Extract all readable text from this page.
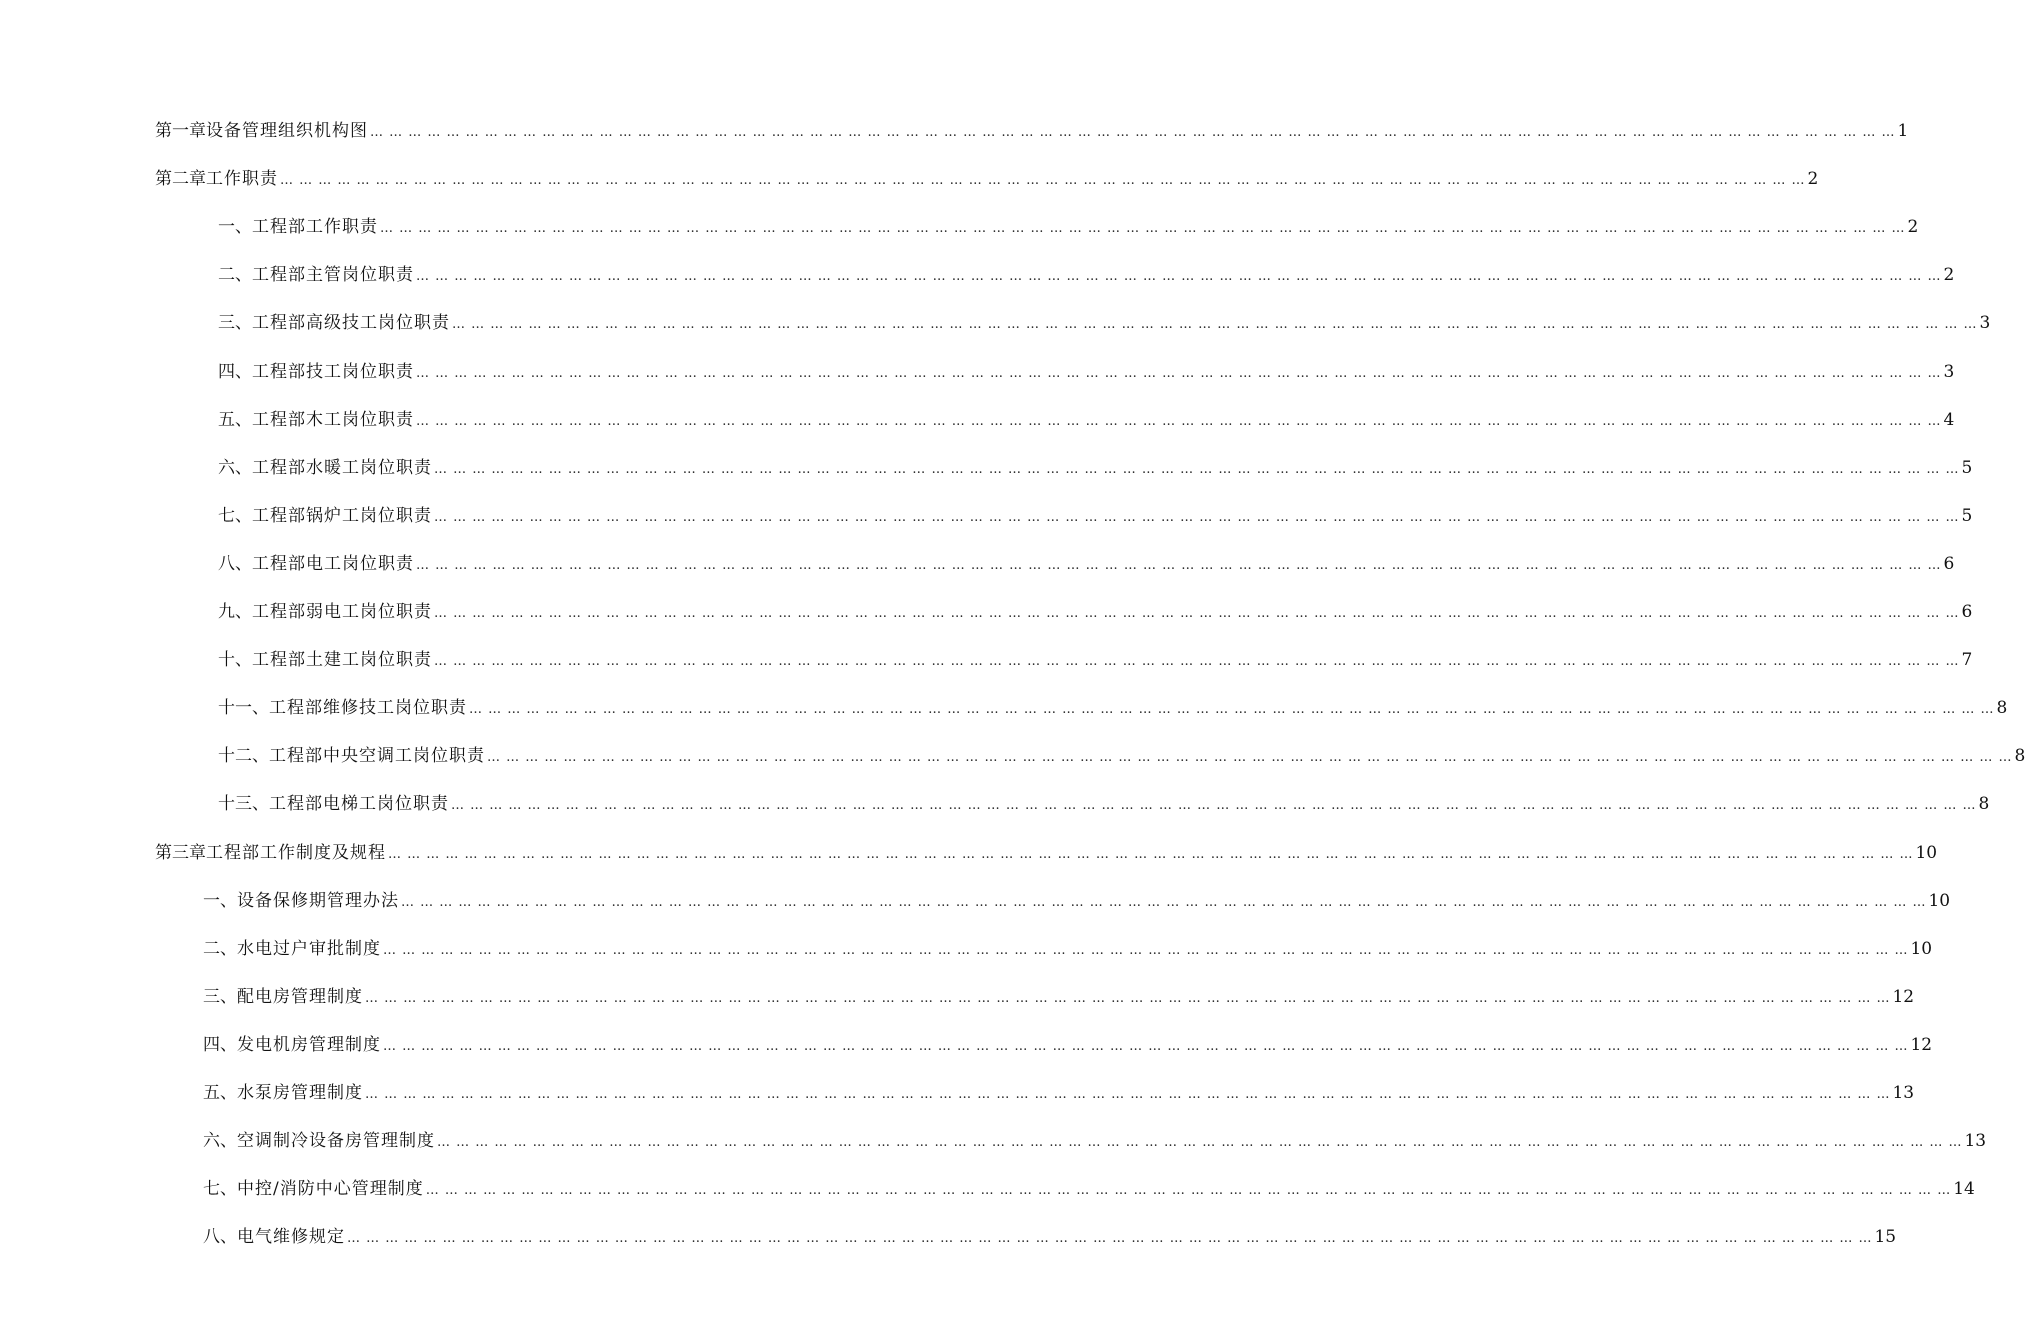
第一章 设备管理组织机构图 … … … … … … … … … … … … … … … … … … … … … … … … … … … … … … … … … … … … … … … … … … … … … … … … … … … … … … … … … … … … … … … … … … … … … … … … … … … … … … … … 1
第二章 工作职责 … … … … … … … … … … … … … … … … … … … … … … … … … … … … … … … … … … … … … … … … … … … … … … … … … … … … … … … … … … … … … … … … … … … … … … … … … … … … … … … … 2
一、 工程部工作职责 … … … … … … … … … … … … … … … … … … … … … … … … … … … … … … … … … … … … … … … … … … … … … … … … … … … … … … … … … … … … … … … … … … … … … … … … … … … … … … … … 2
二、 工程部主管岗位职责 … … … … … … … … … … … … … … … … … … … … … … … … … … … … … … … … … … … … … … … … … … … … … … … … … … … … … … … … … … … … … … … … … … … … … … … … … … … … … … … … 2
三、 工程部高级技工岗位职责 … … … … … … … … … … … … … … … … … … … … … … … … … … … … … … … … … … … … … … … … … … … … … … … … … … … … … … … … … … … … … … … … … … … … … … … … … … … … … … … … 3
四、 工程部技工岗位职责 … … … … … … … … … … … … … … … … … … … … … … … … … … … … … … … … … … … … … … … … … … … … … … … … … … … … … … … … … … … … … … … … … … … … … … … … … … … … … … … … 3
五、 工程部木工岗位职责 … … … … … … … … … … … … … … … … … … … … … … … … … … … … … … … … … … … … … … … … … … … … … … … … … … … … … … … … … … … … … … … … … … … … … … … … … … … … … … … … 4
六、 工程部水暖工岗位职责 … … … … … … … … … … … … … … … … … … … … … … … … … … … … … … … … … … … … … … … … … … … … … … … … … … … … … … … … … … … … … … … … … … … … … … … … … … … … … … … … 5
七、 工程部锅炉工岗位职责 … … … … … … … … … … … … … … … … … … … … … … … … … … … … … … … … … … … … … … … … … … … … … … … … … … … … … … … … … … … … … … … … … … … … … … … … … … … … … … … … 5
八、 工程部电工岗位职责 … … … … … … … … … … … … … … … … … … … … … … … … … … … … … … … … … … … … … … … … … … … … … … … … … … … … … … … … … … … … … … … … … … … … … … … … … … … … … … … … 6
九、 工程部弱电工岗位职责 … … … … … … … … … … … … … … … … … … … … … … … … … … … … … … … … … … … … … … … … … … … … … … … … … … … … … … … … … … … … … … … … … … … … … … … … … … … … … … … … 6
十、 工程部土建工岗位职责 … … … … … … … … … … … … … … … … … … … … … … … … … … … … … … … … … … … … … … … … … … … … … … … … … … … … … … … … … … … … … … … … … … … … … … … … … … … … … … … … 7
十一、 工程部维修技工岗位职责 … … … … … … … … … … … … … … … … … … … … … … … … … … … … … … … … … … … … … … … … … … … … … … … … … … … … … … … … … … … … … … … … … … … … … … … … … … … … … … … … 8
十二、 工程部中央空调工岗位职责 … … … … … … … … … … … … … … … … … … … … … … … … … … … … … … … … … … … … … … … … … … … … … … … … … … … … … … … … … … … … … … … … … … … … … … … … … … … … … … … … 8
十三、 工程部电梯工岗位职责 … … … … … … … … … … … … … … … … … … … … … … … … … … … … … … … … … … … … … … … … … … … … … … … … … … … … … … … … … … … … … … … … … … … … … … … … … … … … … … … … 8
第三章 工程部工作制度及规程 … … … … … … … … … … … … … … … … … … … … … … … … … … … … … … … … … … … … … … … … … … … … … … … … … … … … … … … … … … … … … … … … … … … … … … … … … … … … … … … … 10
一、 设备保修期管理办法 … … … … … … … … … … … … … … … … … … … … … … … … … … … … … … … … … … … … … … … … … … … … … … … … … … … … … … … … … … … … … … … … … … … … … … … … … … … … … … … … 10
二、 水电过户审批制度 … … … … … … … … … … … … … … … … … … … … … … … … … … … … … … … … … … … … … … … … … … … … … … … … … … … … … … … … … … … … … … … … … … … … … … … … … … … … … … … … 10
三、 配电房管理制度 … … … … … … … … … … … … … … … … … … … … … … … … … … … … … … … … … … … … … … … … … … … … … … … … … … … … … … … … … … … … … … … … … … … … … … … … … … … … … … … … 12
四、 发电机房管理制度 … … … … … … … … … … … … … … … … … … … … … … … … … … … … … … … … … … … … … … … … … … … … … … … … … … … … … … … … … … … … … … … … … … … … … … … … … … … … … … … … 12
五、 水泵房管理制度 … … … … … … … … … … … … … … … … … … … … … … … … … … … … … … … … … … … … … … … … … … … … … … … … … … … … … … … … … … … … … … … … … … … … … … … … … … … … … … … … 13
六、 空调制冷设备房管理制度 … … … … … … … … … … … … … … … … … … … … … … … … … … … … … … … … … … … … … … … … … … … … … … … … … … … … … … … … … … … … … … … … … … … … … … … … … … … … … … … … 13
七、 中控/消防中心管理制度 … … … … … … … … … … … … … … … … … … … … … … … … … … … … … … … … … … … … … … … … … … … … … … … … … … … … … … … … … … … … … … … … … … … … … … … … … … … … … … … … 14
八、 电气维修规定 … … … … … … … … … … … … … … … … … … … … … … … … … … … … … … … … … … … … … … … … … … … … … … … … … … … … … … … … … … … … … … … … … … … … … … … … … … … … … … … … 15
